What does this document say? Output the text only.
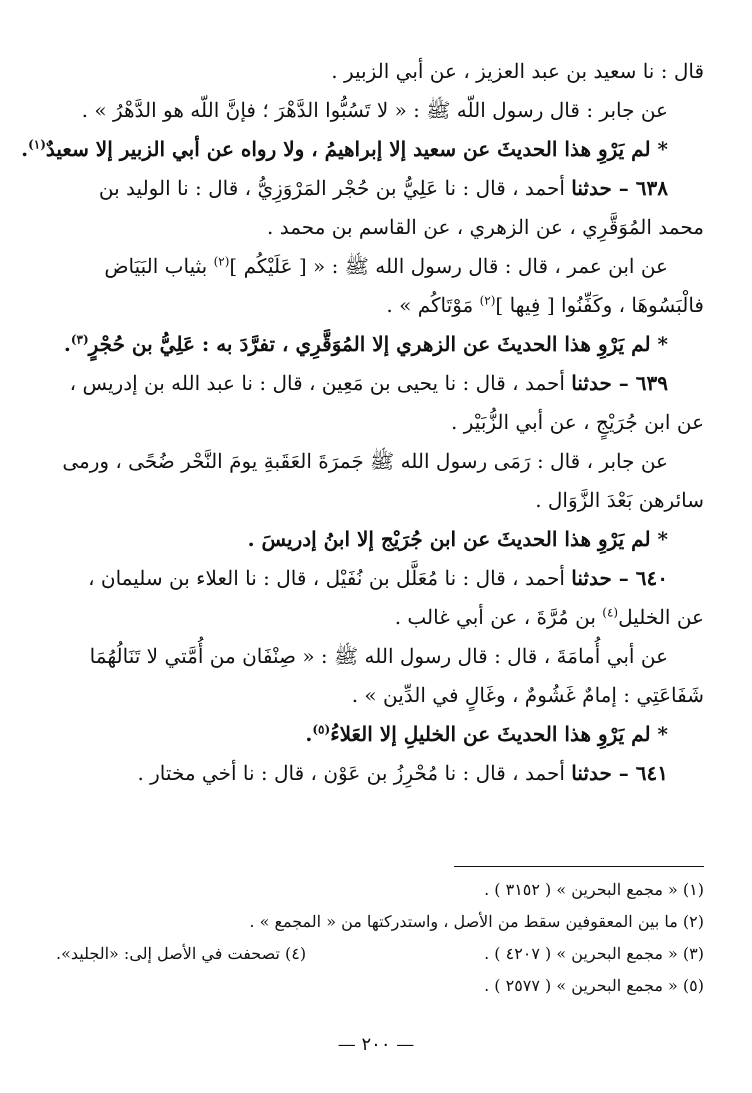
قال : نا سعيد بن عبد العزيز ، عن أبي الزبير .
عن جابر : قال رسول اللّه ﷺ : « لا تَسُبُّوا الدَّهْرَ ؛ فإنَّ اللّه هو الدَّهْرُ » .
* لم يَرْوِ هذا الحديثَ عن سعيد إلا إبراهيمُ ، ولا رواه عن أبي الزبير إلا سعيدٌ$^{(١)}$.
٦٣٨ – حدثنا أحمد ، قال : نا عَلِيُّ بن حُجْر المَرْوَزِيُّ ، قال : نا الوليد بن
محمد المُوَقَّرِي ، عن الزهري ، عن القاسم بن محمد .
عن ابن عمر ، قال : قال رسول الله ﷺ : « [ عَلَيْكُم ]$^{(٢)}$ بثياب البَيَاض
فالْبَسُوهَا ، وكَفِّنُوا [ فِيها ]$^{(٢)}$ مَوْتَاكُم » .
* لم يَرْوِ هذا الحديثَ عن الزهري إلا المُوَقَّرِي ، تفرَّدَ به : عَلِيُّ بن حُجْرٍ$^{(٣)}$.
٦٣٩ – حدثنا أحمد ، قال : نا يحيى بن مَعِين ، قال : نا عبد الله بن إدريس ،
عن ابن جُرَيْجٍ ، عن أبي الزُّبَيْر .
عن جابر ، قال : رَمَى رسول الله ﷺ جَمرَةَ العَقَبةِ يومَ النَّحْر ضُحًى ، ورمى
سائرهن بَعْدَ الزَّوَال .
* لم يَرْوِ هذا الحديثَ عن ابن جُرَيْج إلا ابنُ إدريسَ .
٦٤٠ – حدثنا أحمد ، قال : نا مُعَلَّل بن نُفَيْل ، قال : نا العلاء بن سليمان ،
عن الخليل$^{(٤)}$ بن مُرَّةَ ، عن أبي غالب .
عن أبي أُمامَةَ ، قال : قال رسول الله ﷺ : « صِنْفَان من أُمَّتي لا تَنَالُهُمَا
شَفَاعَتِي : إمامٌ غَشُومٌ ، وغَالٍ في الدِّين » .
* لم يَرْوِ هذا الحديثَ عن الخليلِ إلا العَلاءُ$^{(٥)}$.
٦٤١ – حدثنا أحمد ، قال : نا مُحْرِزُ بن عَوْن ، قال : نا أخي مختار .
(١) « مجمع البحرين » ( ٣١٥٢ ) .
(٢) ما بين المعقوفين سقط من الأصل ، واستدركتها من « المجمع » .
(٣) « مجمع البحرين » ( ٤٢٠٧ ) .
(٤) تصحفت في الأصل إلى: «الجليد».
(٥) « مجمع البحرين » ( ٢٥٧٧ ) .
— ٢٠٠ —
